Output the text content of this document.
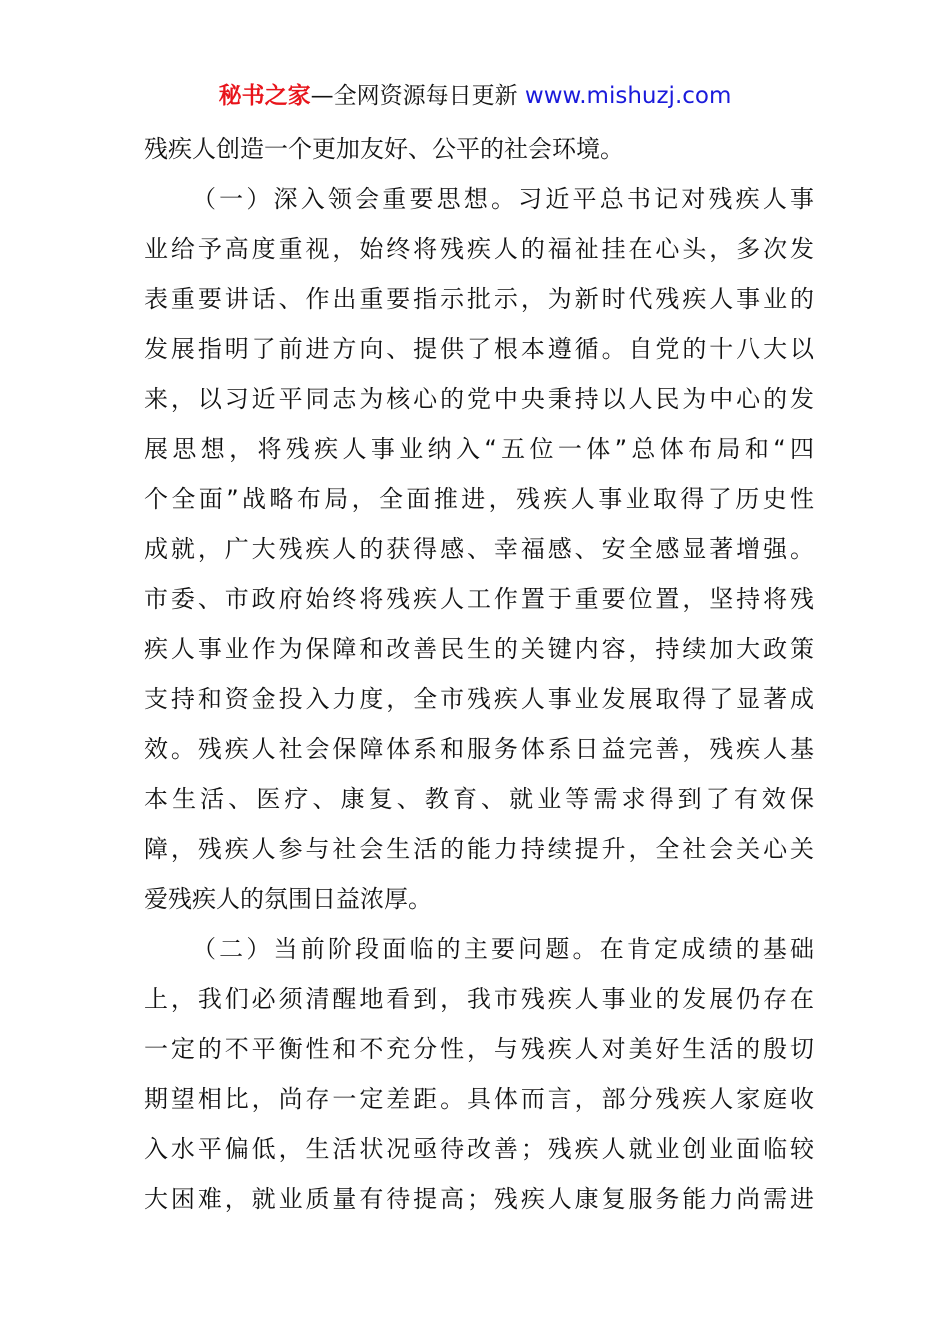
秘书之家—全网资源每日更新 www.mishuzj.com
残疾人创造一个更加友好、公平的社会环境。
（一）深入领会重要思想。习近平总书记对残疾人事
业给予高度重视，始终将残疾人的福祉挂在心头，多次发
表重要讲话、作出重要指示批示，为新时代残疾人事业的
发展指明了前进方向、提供了根本遵循。自党的十八大以
来，以习近平同志为核心的党中央秉持以人民为中心的发
展思想，将残疾人事业纳入“五位一体”总体布局和“四
个全面”战略布局，全面推进，残疾人事业取得了历史性
成就，广大残疾人的获得感、幸福感、安全感显著增强。
市委、市政府始终将残疾人工作置于重要位置，坚持将残
疾人事业作为保障和改善民生的关键内容，持续加大政策
支持和资金投入力度，全市残疾人事业发展取得了显著成
效。残疾人社会保障体系和服务体系日益完善，残疾人基
本生活、医疗、康复、教育、就业等需求得到了有效保
障，残疾人参与社会生活的能力持续提升，全社会关心关
爱残疾人的氛围日益浓厚。
（二）当前阶段面临的主要问题。在肯定成绩的基础
上，我们必须清醒地看到，我市残疾人事业的发展仍存在
一定的不平衡性和不充分性，与残疾人对美好生活的殷切
期望相比，尚存一定差距。具体而言，部分残疾人家庭收
入水平偏低，生活状况亟待改善；残疾人就业创业面临较
大困难，就业质量有待提高；残疾人康复服务能力尚需进
